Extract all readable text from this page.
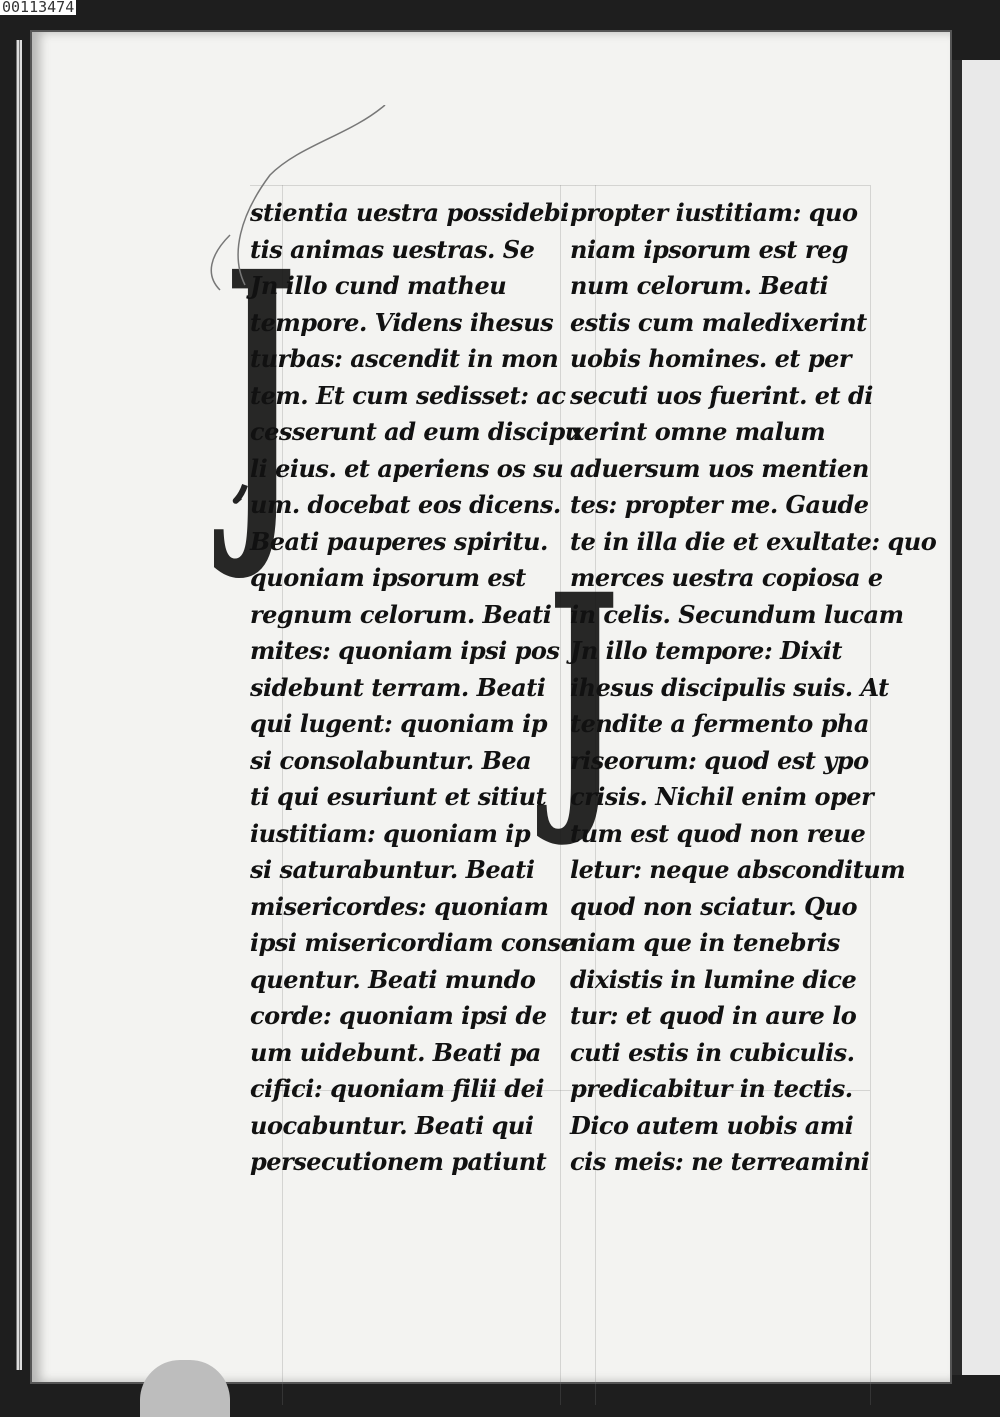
00113474
J
J
stientia uestra possidebi
tis animas uestras. Se
Jn illo cund matheu
tempore. Videns ihesus
turbas: ascendit in mon
tem. Et cum sedisset: ac
cesserunt ad eum discipu
li eius. et aperiens os su
um. docebat eos dicens.
Beati pauperes spiritu.
quoniam ipsorum est
regnum celorum. Beati
mites: quoniam ipsi pos
sidebunt terram. Beati
qui lugent: quoniam ip
si consolabuntur. Bea
ti qui esuriunt et sitiut
iustitiam: quoniam ip
si saturabuntur. Beati
misericordes: quoniam
ipsi misericordiam conse
quentur. Beati mundo
corde: quoniam ipsi de
um uidebunt. Beati pa
cifici: quoniam filii dei
uocabuntur. Beati qui
persecutionem patiunt
propter iustitiam: quo
niam ipsorum est reg
num celorum. Beati
estis cum maledixerint
uobis homines. et per
secuti uos fuerint. et di
xerint omne malum
aduersum uos mentien
tes: propter me. Gaude
te in illa die et exultate: quo
merces uestra copiosa e
in celis. Secundum lucam
Jn illo tempore: Dixit
ihesus discipulis suis. At
tendite a fermento pha
riseorum: quod est ypo
crisis. Nichil enim oper
tum est quod non reue
letur: neque absconditum
quod non sciatur. Quo
niam que in tenebris
dixistis in lumine dice
tur: et quod in aure lo
cuti estis in cubiculis.
predicabitur in tectis.
Dico autem uobis ami
cis meis: ne terreamini
